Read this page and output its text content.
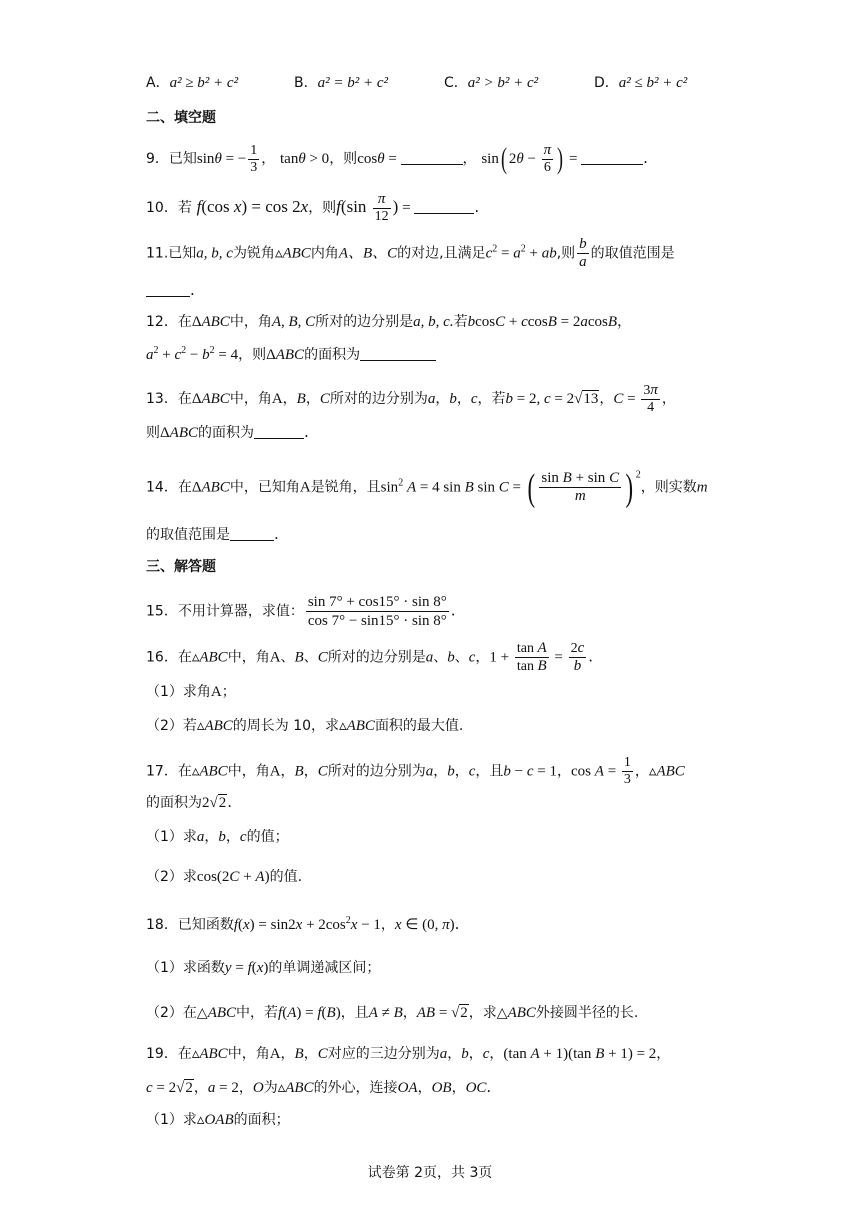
A．a² ≥ b² + c²	B．a² = b² + c²	C．a² > b² + c²	D．a² ≤ b² + c²
二、填空题
9．已知sinθ = − $\frac{1}{3}$ ， tanθ > 0，则cosθ =	， sin( $2\theta - \frac{\pi}{6}$ ) =	.
10．若 f(cos x) = cos 2x，则$f(\sin \frac{\pi}{12}$ ) =	.
11.已知a, b, c为锐角▵ABC内角A、B、C的对边,且满足$c^2 = a^2$ + ab,则 $\frac{b}{a}$ 的取值范围是
.
12．在ΔABC中，角A, B, C所对的边分别是a, b, c.若bcosC + ccosB = 2acosB，
$a^2 + c^2 - b^2 = 4$，则ΔABC的面积为
13．在ΔABC中，角A，B，C所对的边分别为a，b，c，若b = 2, c = 2√13，$C = \frac{3\pi}{4}$ ，
则ΔABC的面积为	.
14．在ΔABC中，已知角A是锐角，且$\sin^2 A = 4$ sin B sin C = ( $\frac{\text{sin B + sin C}}{m}$ ) $^2$，则实数m
的取值范围是	.
三、解答题
15．不用计算器，求值： $\frac{\sin 7^\circ + \cos 15^\circ \cdot \sin 8^\circ}{\cos 7^\circ - \sin 15^\circ \cdot \sin 8^\circ}$ .
16．在▵ABC中，角A、B、C所对的边分别是a、b、c，$1 + \frac{\text{tan A}}{\text{tan B}} = \frac{2c}{b}$ .
（1）求角A；
（2）若▵ABC的周长为 10，求▵ABC面积的最大值.
17．在▵ABC中，角A，B，C所对的边分别为a，b，c，且b − c = 1，$\cos A = \frac{1}{3}$ ，▵ABC
的面积为2√2.
（1）求a，b，c的值；
（2）求cos(2C + A)的值.
18．已知函数$f(x) = \sin 2x + 2\cos^2x - 1$，x ∈ (0, π).
（1）求函数y = f(x)的单调递减区间；
（2）在△ABC中，若f(A) = f(B)，且A ≠ B，AB = √2，求△ABC外接圆半径的长.
19．在▵ABC中，角A，B，C对应的三边分别为a，b，c，(tan A + 1)(tan B + 1) = 2，
c = 2√2，a = 2，O为▵ABC的外心，连接OA，OB，OC.
（1）求▵OAB的面积；
试卷第 2页，共 3页
